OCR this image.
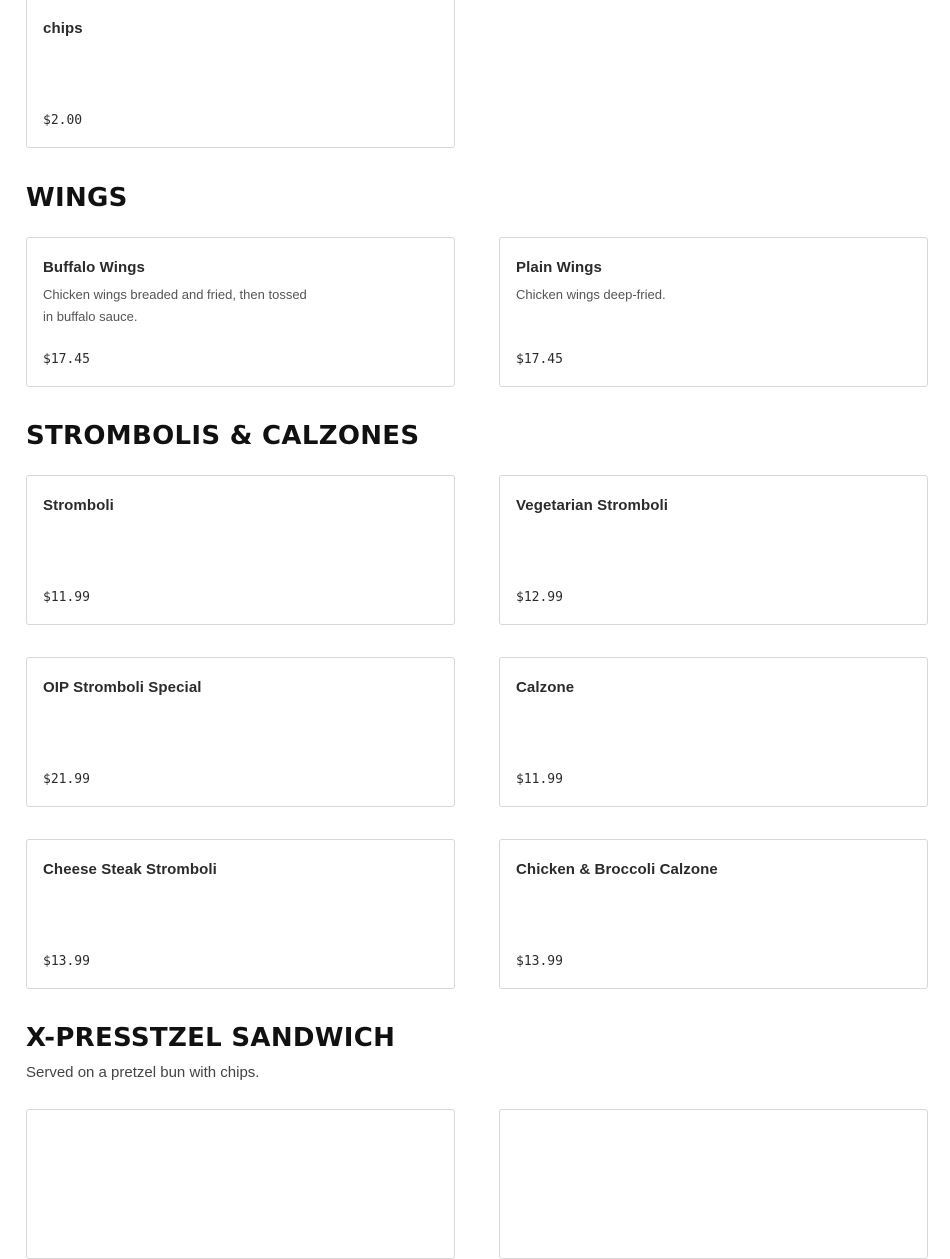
chips
$2.00
WINGS
Buffalo Wings
Chicken wings breaded and fried, then tossed in buffalo sauce.
$17.45
Plain Wings
Chicken wings deep-fried.
$17.45
STROMBOLIS & CALZONES
Stromboli
$11.99
Vegetarian Stromboli
$12.99
OIP Stromboli Special
$21.99
Calzone
$11.99
Cheese Steak Stromboli
$13.99
Chicken & Broccoli Calzone
$13.99
X-PRESSTZEL SANDWICH
Served on a pretzel bun with chips.
